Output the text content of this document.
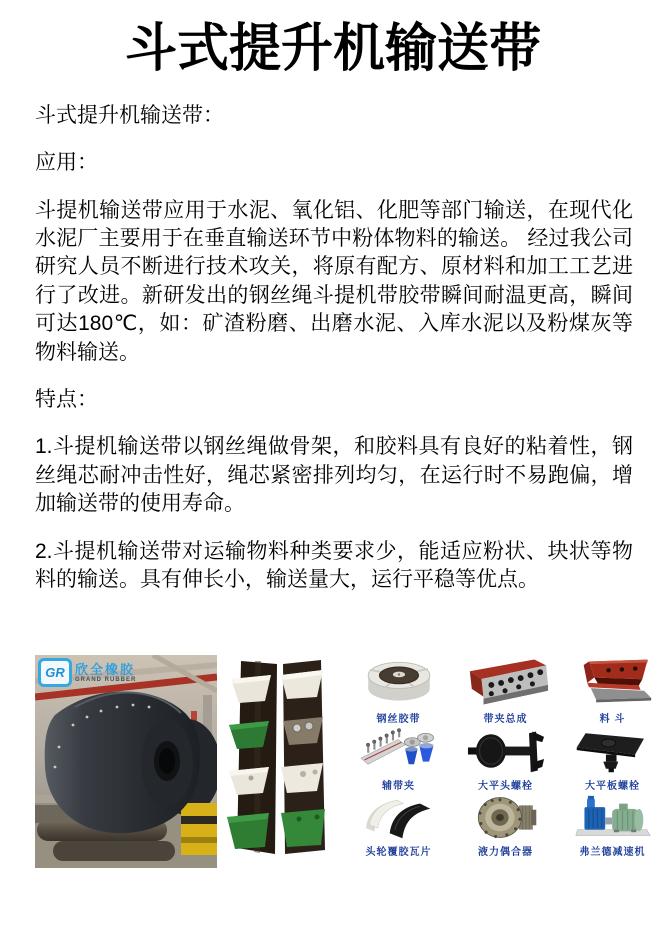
斗式提升机输送带

斗式提升机输送带：

应用：

斗提机输送带应用于水泥、氧化铝、化肥等部门输送，在现代化水泥厂主要用于在垂直输送环节中粉体物料的输送。 经过我公司研究人员不断进行技术攻关，将原有配方、原材料和加工工艺进行了改进。新研发出的钢丝绳斗提机带胶带瞬间耐温更高，瞬间可达180℃，如：矿渣粉磨、出磨水泥、入库水泥以及粉煤灰等物料输送。

特点：

1.斗提机输送带以钢丝绳做骨架，和胶料具有良好的粘着性，钢丝绳芯耐冲击性好，绳芯紧密排列均匀，在运行时不易跑偏，增加输送带的使用寿命。

2.斗提机输送带对运输物料种类要求少，能适应粉状、块状等物料的输送。具有伸长小，输送量大，运行平稳等优点。

GR 欣全橡胶
GRAND RUBBER
钢丝胶带	带夹总成	料 斗
辅带夹	大平头螺栓	大平板螺栓
头轮覆胶瓦片	液力偶合器	弗兰德减速机
